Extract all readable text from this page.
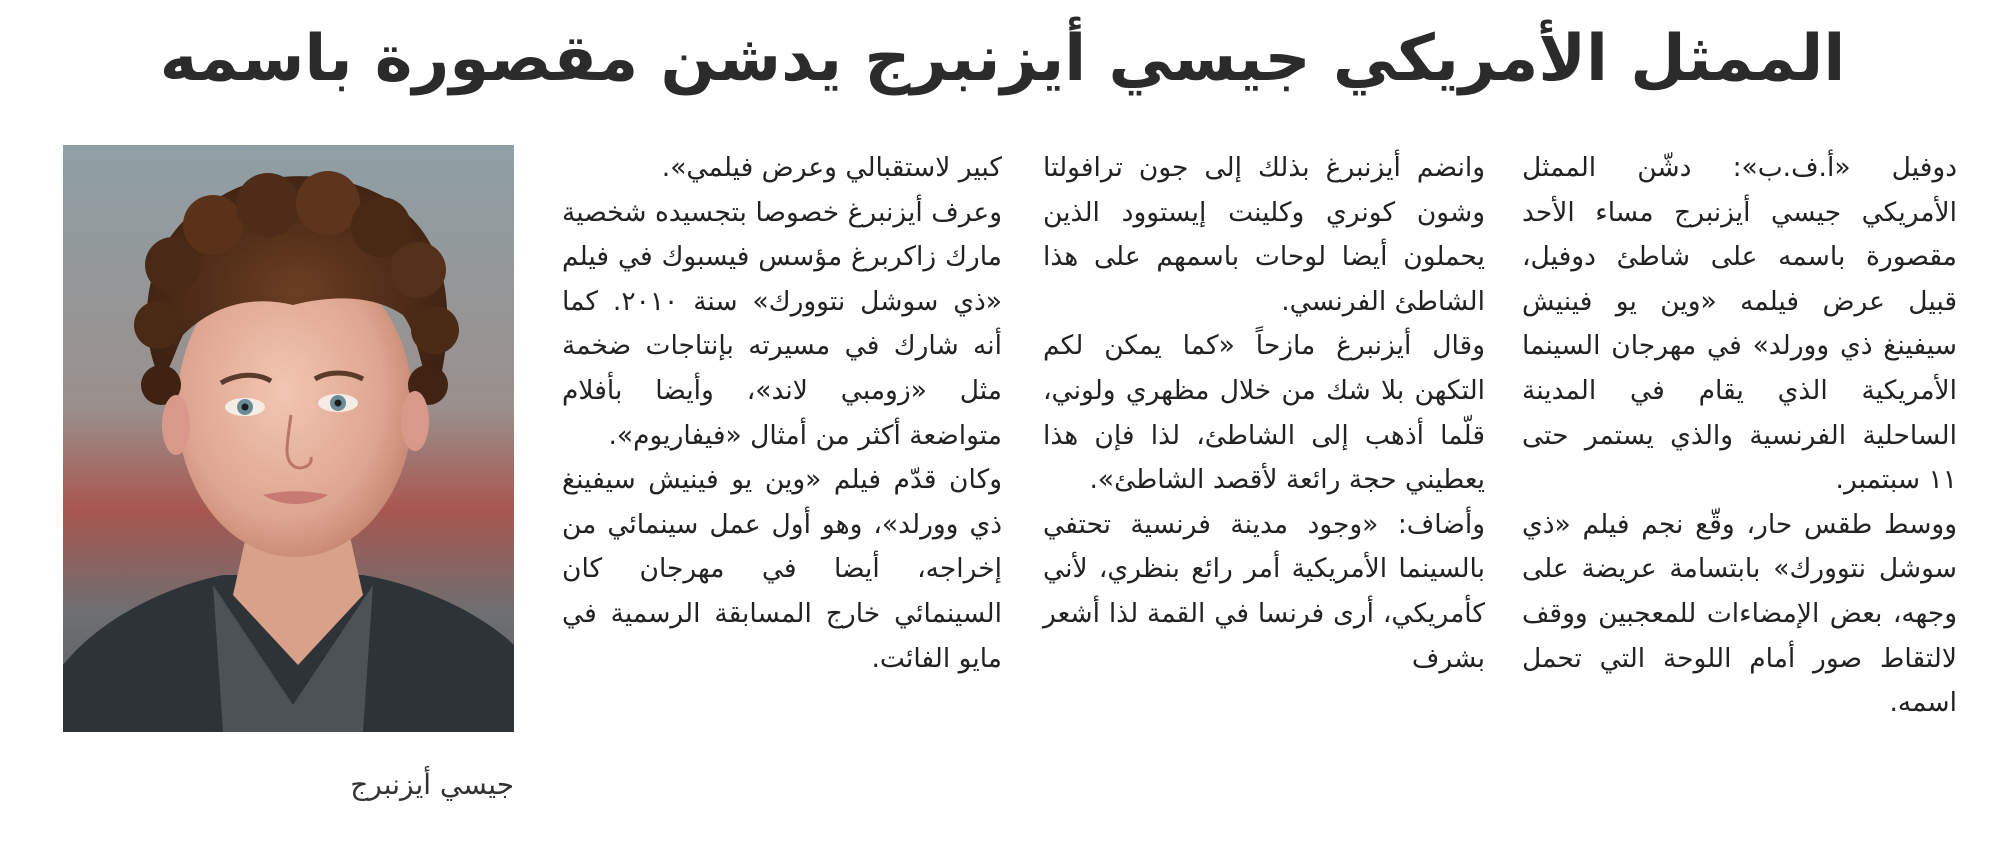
الممثل الأمريكي جيسي أيزنبرج يدشن مقصورة باسمه

دوفيل «أ.ف.ب»: دشّن الممثل الأمريكي جيسي أيزنبرج مساء الأحد مقصورة باسمه على شاطئ دوفيل، قبيل عرض فيلمه «وين يو فينيش سيفينغ ذي وورلد» في مهرجان السينما الأمريكية الذي يقام في المدينة الساحلية الفرنسية والذي يستمر حتى ١١ سبتمبر.

ووسط طقس حار، وقّع نجم فيلم «ذي سوشل نتوورك» بابتسامة عريضة على وجهه، بعض الإمضاءات للمعجبين ووقف لالتقاط صور أمام اللوحة التي تحمل اسمه.

وانضم أيزنبرغ بذلك إلى جون ترافولتا وشون كونري وكلينت إيستوود الذين يحملون أيضا لوحات باسمهم على هذا الشاطئ الفرنسي.

وقال أيزنبرغ مازحاً «كما يمكن لكم التكهن بلا شك من خلال مظهري ولوني، قلّما أذهب إلى الشاطئ، لذا فإن هذا يعطيني حجة رائعة لأقصد الشاطئ».

وأضاف: «وجود مدينة فرنسية تحتفي بالسينما الأمريكية أمر رائع بنظري، لأني كأمريكي، أرى فرنسا في القمة لذا أشعر بشرف

كبير لاستقبالي وعرض فيلمي».

وعرف أيزنبرغ خصوصا بتجسيده شخصية مارك زاكربرغ مؤسس فيسبوك في فيلم «ذي سوشل نتوورك» سنة ٢٠١٠. كما أنه شارك في مسيرته بإنتاجات ضخمة مثل «زومبي لاند»، وأيضا بأفلام متواضعة أكثر من أمثال «فيفاريوم».

وكان قدّم فيلم «وين يو فينيش سيفينغ ذي وورلد»، وهو أول عمل سينمائي من إخراجه، أيضا في مهرجان كان السينمائي خارج المسابقة الرسمية في مايو الفائت.

جيسي أيزنبرج
